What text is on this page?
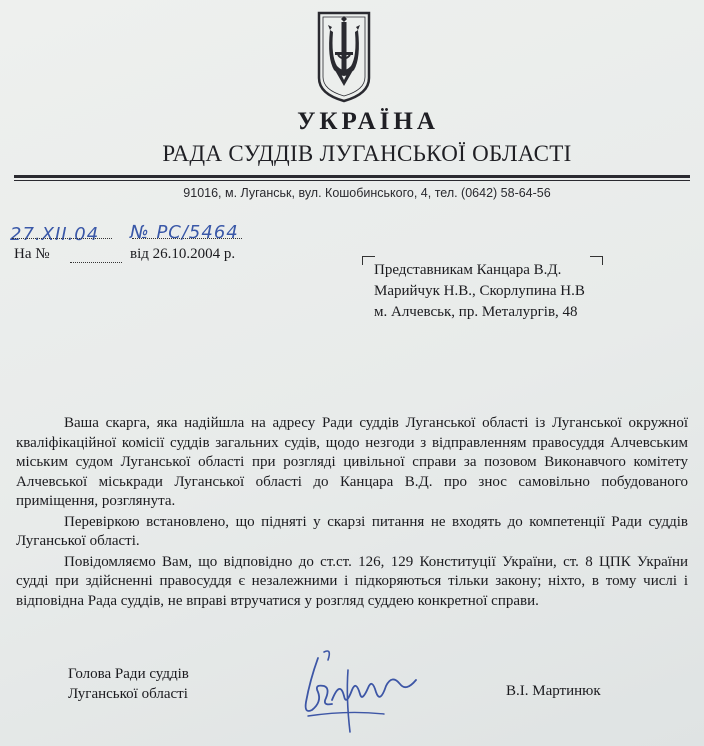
УКРАЇНА
РАДА СУДДІВ ЛУГАНСЬКОЇ ОБЛАСТІ
91016, м. Луганськ, вул. Кошобинського, 4, тел. (0642) 58-64-56
27.XII.04 № РС/5464
На №	від 26.10.2004 р.
Представникам Канцара В.Д.
Марийчук Н.В., Скорлупина Н.В
м. Алчевськ, пр. Металургів, 48

Ваша скарга, яка надійшла на адресу Ради суддів Луганської області із Луганської окружної кваліфікаційної комісії суддів загальних судів, щодо незгоди з відправленням правосуддя Алчевським міським судом Луганської області при розгляді цивільної справи за позовом Виконавчого комітету Алчевської міськради Луганської області до Канцара В.Д. про знос самовільно побудованого приміщення, розглянута.

Перевіркою встановлено, що підняті у скарзі питання не входять до компетенції Ради суддів Луганської області.

Повідомляємо Вам, що відповідно до ст.ст. 126, 129 Конституції України, ст. 8 ЦПК України судді при здійсненні правосуддя є незалежними і підкоряються тільки закону; ніхто, в тому числі і відповідна Рада суддів, не вправі втручатися у розгляд суддею конкретної справи.

Голова Ради суддів
Луганської області	В.І. Мартинюк
